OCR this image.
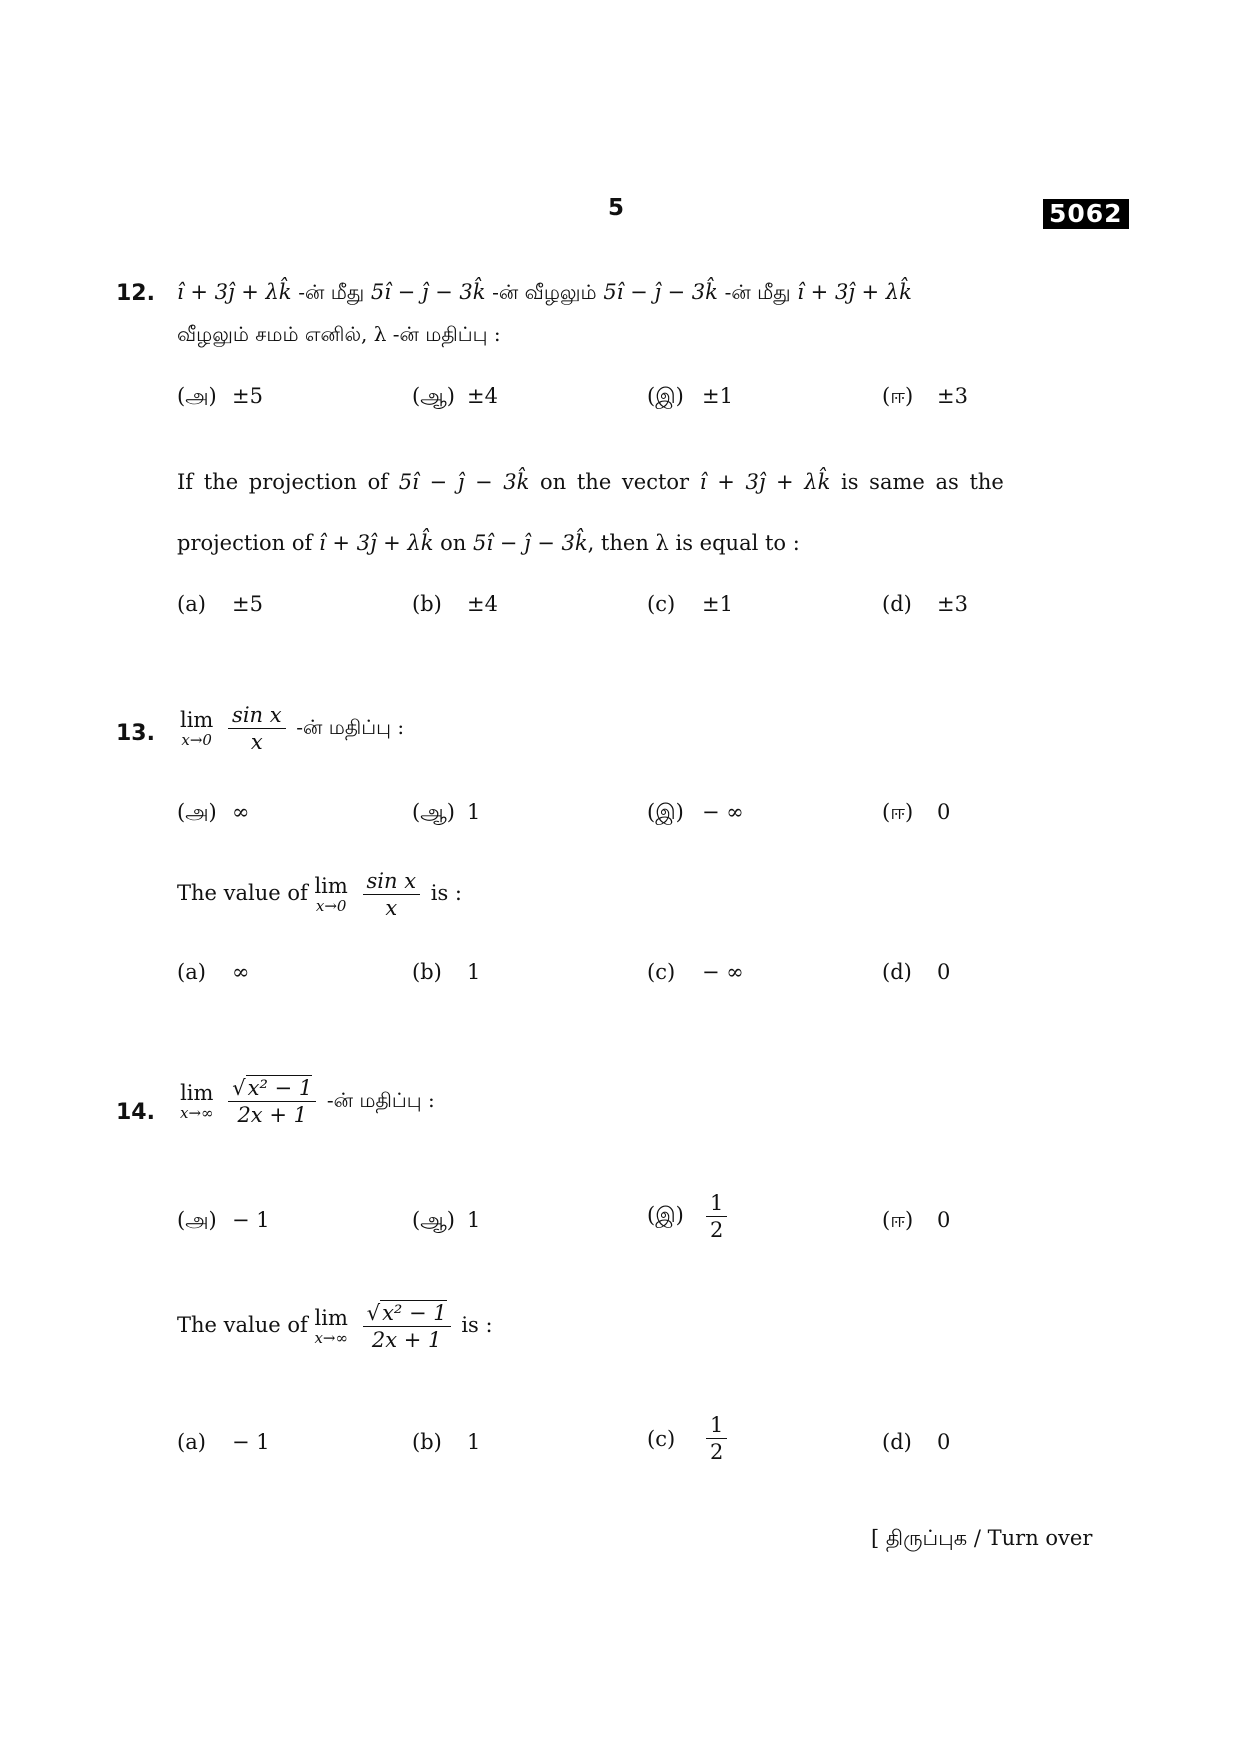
5	5062
12. î + 3ĵ + λk̂ -ன் மீது 5î − ĵ − 3k̂ -ன் வீழலும் 5î − ĵ − 3k̂ -ன் மீது î + 3ĵ + λk̂
வீழலும் சமம் எனில், λ -ன் மதிப்பு :
(அ) ±5	(ஆ) ±4	(இ) ±1	(ஈ) ±3
If the projection of 5î − ĵ − 3k̂ on the vector î + 3ĵ + λk̂ is same as the
projection of î + 3ĵ + λk̂ on 5î − ĵ − 3k̂, then λ is equal to :
(a) ±5	(b) ±4	(c) ±1	(d) ±3
13.
lim
x→0
$\frac{\text{sin x}}{x}$ -ன் மதிப்பு :
(அ) ∞	(ஆ) 1	(இ) − ∞	(ஈ) 0
The value of lim
x→0
$\frac{\text{sin x}}{x}$ is :
(a) ∞	(b) 1	(c) − ∞	(d) 0
14.
lim
x→∞
$\frac{\text{√x² − 1}}{2x + 1}$ -ன் மதிப்பு :
(அ) − 1	(ஆ) 1	(இ) $\frac{1}{2}$	(ஈ) 0
The value of lim
x→∞
$\frac{\text{√x² − 1}}{2x + 1}$ is :
(a) − 1	(b) 1	$(c) \frac{1}{2}$	(d) 0
[ திருப்புக / Turn over
